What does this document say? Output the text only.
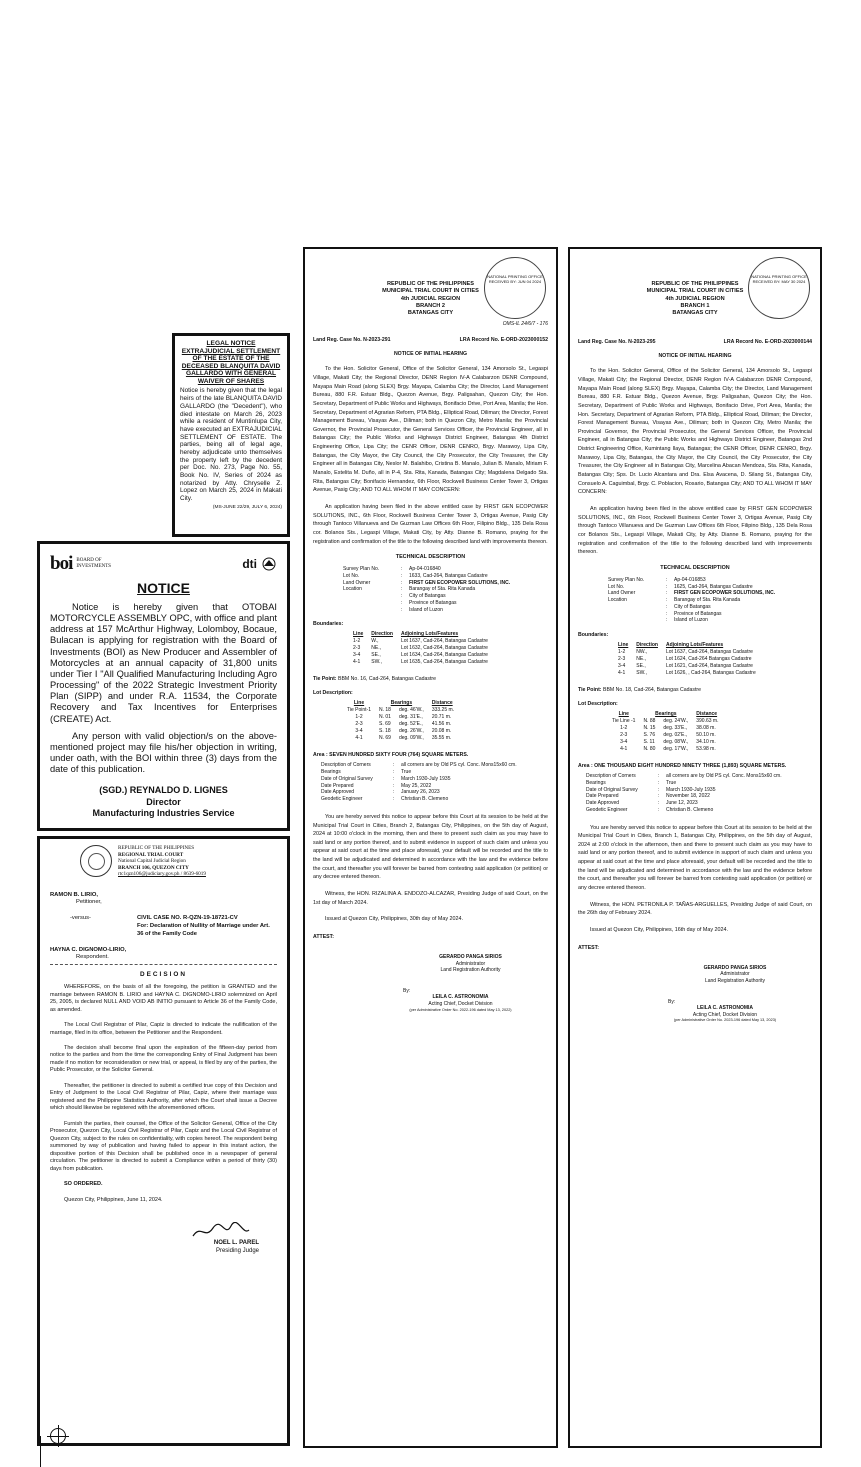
LEGAL NOTICE
EXTRAJUDICIAL SETTLEMENT OF THE ESTATE OF THE DECEASED BLANQUITA DAVID GALLARDO WITH GENERAL WAIVER OF SHARES
Notice is hereby given that the legal heirs of the late BLANQUITA DAVID GALLARDO (the "Decedent"), who died intestate on March 26, 2023 while a resident of Muntinlupa City, have executed an EXTRAJUDICIAL SETTLEMENT OF ESTATE. The parties, being all of legal age, hereby adjudicate unto themselves the property left by the decedent per Doc. No. 273, Page No. 55, Book No. IV, Series of 2024 as notarized by Atty. Chryselle Z. Lopez on March 25, 2024 in Makati City.
(MS-JUNE 22/29, JULY 6, 2024)
boi BOARD OF
INVESTMENTS	dti
NOTICE

Notice is hereby given that OTOBAI MOTORCYCLE ASSEMBLY OPC, with office and plant address at 157 McArthur Highway, Lolomboy, Bocaue, Bulacan is applying for registration with the Board of Investments (BOI) as New Producer and Assembler of Motorcycles at an annual capacity of 31,800 units under Tier I "All Qualified Manufacturing Including Agro Processing" of the 2022 Strategic Investment Priority Plan (SIPP) and under R.A. 11534, the Corporate Recovery and Tax Incentives for Enterprises (CREATE) Act.

Any person with valid objection/s on the above-mentioned project may file his/her objection in writing, under oath, with the BOI within three (3) days from the date of this publication.

(SGD.) REYNALDO D. LIGNES
Director
Manufacturing Industries Service
REPUBLIC OF THE PHILIPPINES
REGIONAL TRIAL COURT
National Capital Judicial Region
BRANCH 106, QUEZON CITY
rtc1qzn106@judiciary.gov.ph / 8639-6019
RAMON B. LIRIO,
Petitioner,
-versus-	CIVIL CASE NO. R-QZN-19-18721-CV
For: Declaration of Nullity of Marriage under Art. 36 of the Family Code
HAYNA C. DIGNOMO-LIRIO,
Respondent.
DECISION

WHEREFORE, on the basis of all the foregoing, the petition is GRANTED and the marriage between RAMON B. LIRIO and HAYNA C. DIGNOMO-LIRIO solemnized on April 25, 2005, is declared NULL AND VOID AB INITIO pursuant to Article 36 of the Family Code, as amended.

The Local Civil Registrar of Pilar, Capiz is directed to indicate the nullification of the marriage, filed in its office, between the Petitioner and the Respondent.

The decision shall become final upon the expiration of the fifteen-day period from notice to the parties and from the time the corresponding Entry of Final Judgment has been made if no motion for reconsideration or new trial, or appeal, is filed by any of the parties, the Public Prosecutor, or the Solicitor General.

Thereafter, the petitioner is directed to submit a certified true copy of this Decision and Entry of Judgment to the Local Civil Registrar of Pilar, Capiz, where their marriage was registered and the Philippine Statistics Authority, after which the Court shall issue a Decree which should likewise be registered with the aforementioned offices.

Furnish the parties, their counsel, the Office of the Solicitor General, Office of the City Prosecutor, Quezon City, Local Civil Registrar of Pilar, Capiz and the Local Civil Registrar of Quezon City, subject to the rules on confidentiality, with copies hereof. The respondent being summoned by way of publication and having failed to appear in this instant action, the dispositive portion of this Decision shall be published once in a newspaper of general circulation. The petitioner is directed to submit a Compliance within a period of thirty (30) days from publication.

SO ORDERED.

Quezon City, Philippines, June 11, 2024.

NOEL L. PAREL
Presiding Judge
NATIONAL PRINTING OFFICE RECEIVED BY: JUN 04 2024
REPUBLIC OF THE PHILIPPINES
MUNICIPAL TRIAL COURT IN CITIES
4th JUDICIAL REGION
BRANCH 2
BATANGAS CITY
OMS-IL 24/6/7 - 176
Land Reg. Case No. N-2023-291	LRA Record No. E-ORD-2023000152
NOTICE OF INITIAL HEARING

To the Hon. Solicitor General, Office of the Solicitor General, 134 Amorsolo St., Legaspi Village, Makati City; the Regional Director, DENR Region IV-A Calabarzon DENR Compound, Mayapa Main Road (along SLEX) Brgy. Mayapa, Calamba City; the Director, Land Management Bureau, 880 F.R. Estuar Bldg., Quezon Avenue, Brgy. Paligsahan, Quezon City; the Hon. Secretary, Department of Public Works and Highways, Bonifacio Drive, Port Area, Manila; the Hon. Secretary, Department of Agrarian Reform, PTA Bldg., Elliptical Road, Diliman; the Director, Forest Management Bureau, Visayas Ave., Diliman; both in Quezon City, Metro Manila; the Provincial Governor, the Provincial Prosecutor, the General Services Officer, the Provincial Engineer, all in Batangas City; the Public Works and Highways District Engineer, Batangas 4th District Engineering Office, Lipa City; the CENR Officer, DENR CENRO, Brgy. Marawoy, Lipa City, Batangas, the City Mayor, the City Council, the City Prosecutor, the City Treasurer, the City Engineer all in Batangas City, Neslor M. Balahibo, Cristina B. Manalo, Julian B. Manalo, Miriam F. Manalo, Estelita M. Duño, all in P-4, Sta. Rita, Kanada, Batangas City; Magdalena Delgado Sta. Rita, Batangas City; Bonifacio Hernandez, 6th Floor, Rockwell Business Center Tower 3, Ortigas Avenue, Pasig City; AND TO ALL WHOM IT MAY CONCERN:

An application having been filed in the above entitled case by FIRST GEN ECOPOWER SOLUTIONS, INC., 6th Floor, Rockwell Business Center Tower 3, Ortigas Avenue, Pasig City through Tantoco Villanueva and De Guzman Law Offices 6th Floor, Filipino Bldg., 135 Dela Rosa cor. Bolanos Sts., Legaspi Village, Makati City, by Atty. Dianne B. Romano, praying for the registration and confirmation of the title to the following described land with improvements thereon.

TECHNICAL DESCRIPTION
Survey Plan No.	:	Ap-04-016840
Lot No.	:	1633, Cad-264, Batangas Cadastre
Land Owner	:	FIRST GEN ECOPOWER SOLUTIONS, INC.
Location	:	Barangay of Sta. Rita Kanada
:	City of Batangas
:	Province of Batangas
:	Island of Luzon
Boundaries:
Line	Direction	Adjoining Lots/Features
1-2	W.,	Lot 1637, Cad-264, Batangas Cadastre
2-3	NE.,	Lot 1632, Cad-264, Batangas Cadastre
3-4	SE.,	Lot 1634, Cad-264, Batangas Cadastre
4-1	SW.,	Lot 1635, Cad-264, Batangas Cadastre
Tie Point: BBM No. 16, Cad-264, Batangas Cadastre
Lot Description:
Line	Bearings		Distance
Tie Point-1	N. 18	deg. 46'W.,	333.25 m.
1-2	N. 01	deg. 31'E.,	20.71 m.
2-3	S. 69	deg. 52'E.,	41.56 m.
3-4	S. 18	deg. 26'W.,	20.08 m.
4-1	N. 69	deg. 09'W.,	35.55 m.
Area : SEVEN HUNDRED SIXTY FOUR (764) SQUARE METERS.
Description of Corners	:	all corners are by Old PS cyl. Conc. Mons15x60 cm.
Bearings	:	True
Date of Original Survey	:	March 1930-July 1935
Date Prepared	:	May 25, 2022
Date Approved	:	January 26, 2023
Geodetic Engineer	:	Christian B. Clemeno

You are hereby served this notice to appear before this Court at its session to be held at the Municipal Trial Court in Cities, Branch 2, Batangas City, Philippines, on the 5th day of August, 2024 at 10:00 o'clock in the morning, then and there to present such claim as you may have to said land or any portion thereof, and to submit evidence in support of such claim and unless you appear at said court at the time and place aforesaid, your default will be recorded and the title to the land will be adjudicated and determined in accordance with the law and the evidence before the court, and thereafter you will forever be barred from contesting said application (or petition) or any decree entered thereon.

Witness, the HON. RIZALINA A. ENDOZO-ALCAZAR, Presiding Judge of said Court, on the 1st day of March 2024.

Issued at Quezon City, Philippines, 30th day of May 2024.

ATTEST:
GERARDO PANGA SIRIOS
Administrator
Land Registration Authority
By:
LEILA C. ASTRONOMIA
Acting Chief, Docket Division
(per Administrative Order No. 2022-196 dated May 13, 2022)
NATIONAL PRINTING OFFICE RECEIVED BY: MAY 30 2024
REPUBLIC OF THE PHILIPPINES
MUNICIPAL TRIAL COURT IN CITIES
4th JUDICIAL REGION
BRANCH 1
BATANGAS CITY
Land Reg. Case No. N-2023-295	LRA Record No. E-ORD-2023000144
NOTICE OF INITIAL HEARING

To the Hon. Solicitor General, Office of the Solicitor General, 134 Amorsolo St., Legaspi Village, Makati City; the Regional Director, DENR Region IV-A Calabarzon DENR Compound, Mayapa Main Road (along SLEX) Brgy. Mayapa, Calamba City; the Director, Land Management Bureau, 880 F.R. Estuar Bldg., Quezon Avenue, Brgy. Paligsahan, Quezon City; the Hon. Secretary, Department of Public Works and Highways, Bonifacio Drive, Port Area, Manila; the Hon. Secretary, Department of Agrarian Reform, PTA Bldg., Elliptical Road, Diliman; the Director, Forest Management Bureau, Visayas Ave., Diliman; both in Quezon City, Metro Manila; the Provincial Governor, the Provincial Prosecutor, the General Services Officer, the Provincial Engineer, all in Batangas City; the Public Works and Highways District Engineer, Batangas 2nd District Engineering Office, Kumintang Ilaya, Batangas; the CENR Officer, DENR CENRO, Brgy. Marawoy, Lipa City, Batangas, the City Mayor, the City Council, the City Prosecutor, the City Treasurer, the City Engineer all in Batangas City, Marcelina Abacan Mendoza, Sta. Rita, Kanada, Batangas City; Sps. Dr. Lucio Alcantara and Dra. Elsa Avacena, D. Silang St., Batangas City, Consuelo A. Caguimbal, Brgy. C. Poblacion, Rosario, Batangas City; AND TO ALL WHOM IT MAY CONCERN:

An application having been filed in the above entitled case by FIRST GEN ECOPOWER SOLUTIONS, INC., 6th Floor, Rockwell Business Center Tower 3, Ortigas Avenue, Pasig City through Tantoco Villanueva and De Guzman Law Offices 6th Floor, Filipino Bldg., 135 Dela Rosa cor Bolanos Sts., Legaspi Village, Makati City, by Atty. Dianne B. Romano, praying for the registration and confirmation of the title to the following described land with improvements thereon.

TECHNICAL DESCRIPTION
Survey Plan No.	:	Ap-04-016853
Lot No.	:	1625, Cad-264, Batangas Cadastre
Land Owner	:	FIRST GEN ECOPOWER SOLUTIONS, INC.
Location	:	Barangay of Sta. Rita Kanada
:	City of Batangas
:	Province of Batangas
:	Island of Luzon
Boundaries:
Line	Direction	Adjoining Lots/Features
1-2	NW.,	Lot 1637, Cad-264, Batangas Cadastre
2-3	NE.,	Lot 1624, Cad-264 Batangas Cadastre
3-4	SE.,	Lot 1621, Cad-264, Batangas Cadastre
4-1	SW.,	Lot 1626, , Cad-264, Batangas Cadastre
Tie Point: BBM No. 18, Cad-264, Batangas Cadastre
Lot Description:
Line	Bearings		Distance
Tie Line -1	N. 88	deg. 24'W.,	390.63 m.
1-2	N. 15	deg. 33'E.,	38.08 m.
2-3	S. 76	deg. 02'E.,	50.10 m.
3-4	S. 11	deg. 08'W.,	34.10 m.
4-1	N. 80	deg. 17'W.,	53.98 m.
Area : ONE THOUSAND EIGHT HUNDRED NINETY THREE (1,893) SQUARE METERS.
Description of Corners	:	all corners are by Old PS cyl. Conc. Mons15x60 cm.
Bearings	:	True
Date of Original Survey	:	March 1930-July 1935
Date Prepared	:	November 18, 2022
Date Approved	:	June 12, 2023
Geodetic Engineer	:	Christian B. Clemeno

You are hereby served this notice to appear before this Court at its session to be held at the Municipal Trial Court in Cities, Branch 1, Batangas City, Philippines, on the 5th day of August, 2024 at 2:00 o'clock in the afternoon, then and there to present such claim as you may have to said land or any portion thereof, and to submit evidence in support of such claim and unless you appear at said court at the time and place aforesaid, your default will be recorded and the title to the land will be adjudicated and determined in accordance with the law and the evidence before the court, and thereafter you will forever be barred from contesting said application (or petition) or any decree entered thereon.

Witness, the HON. PETRONILA P. TAÑAS-ARGUELLES, Presiding Judge of said Court, on the 26th day of February 2024.

Issued at Quezon City, Philippines, 16th day of May 2024.

ATTEST:
GERARDO PANGA SIRIOS
Administrator
Land Registration Authority
By:
LEILA C. ASTRONOMIA
Acting Chief, Docket Division
(per Administrative Order No. 2023-196 dated May 13, 2023)
